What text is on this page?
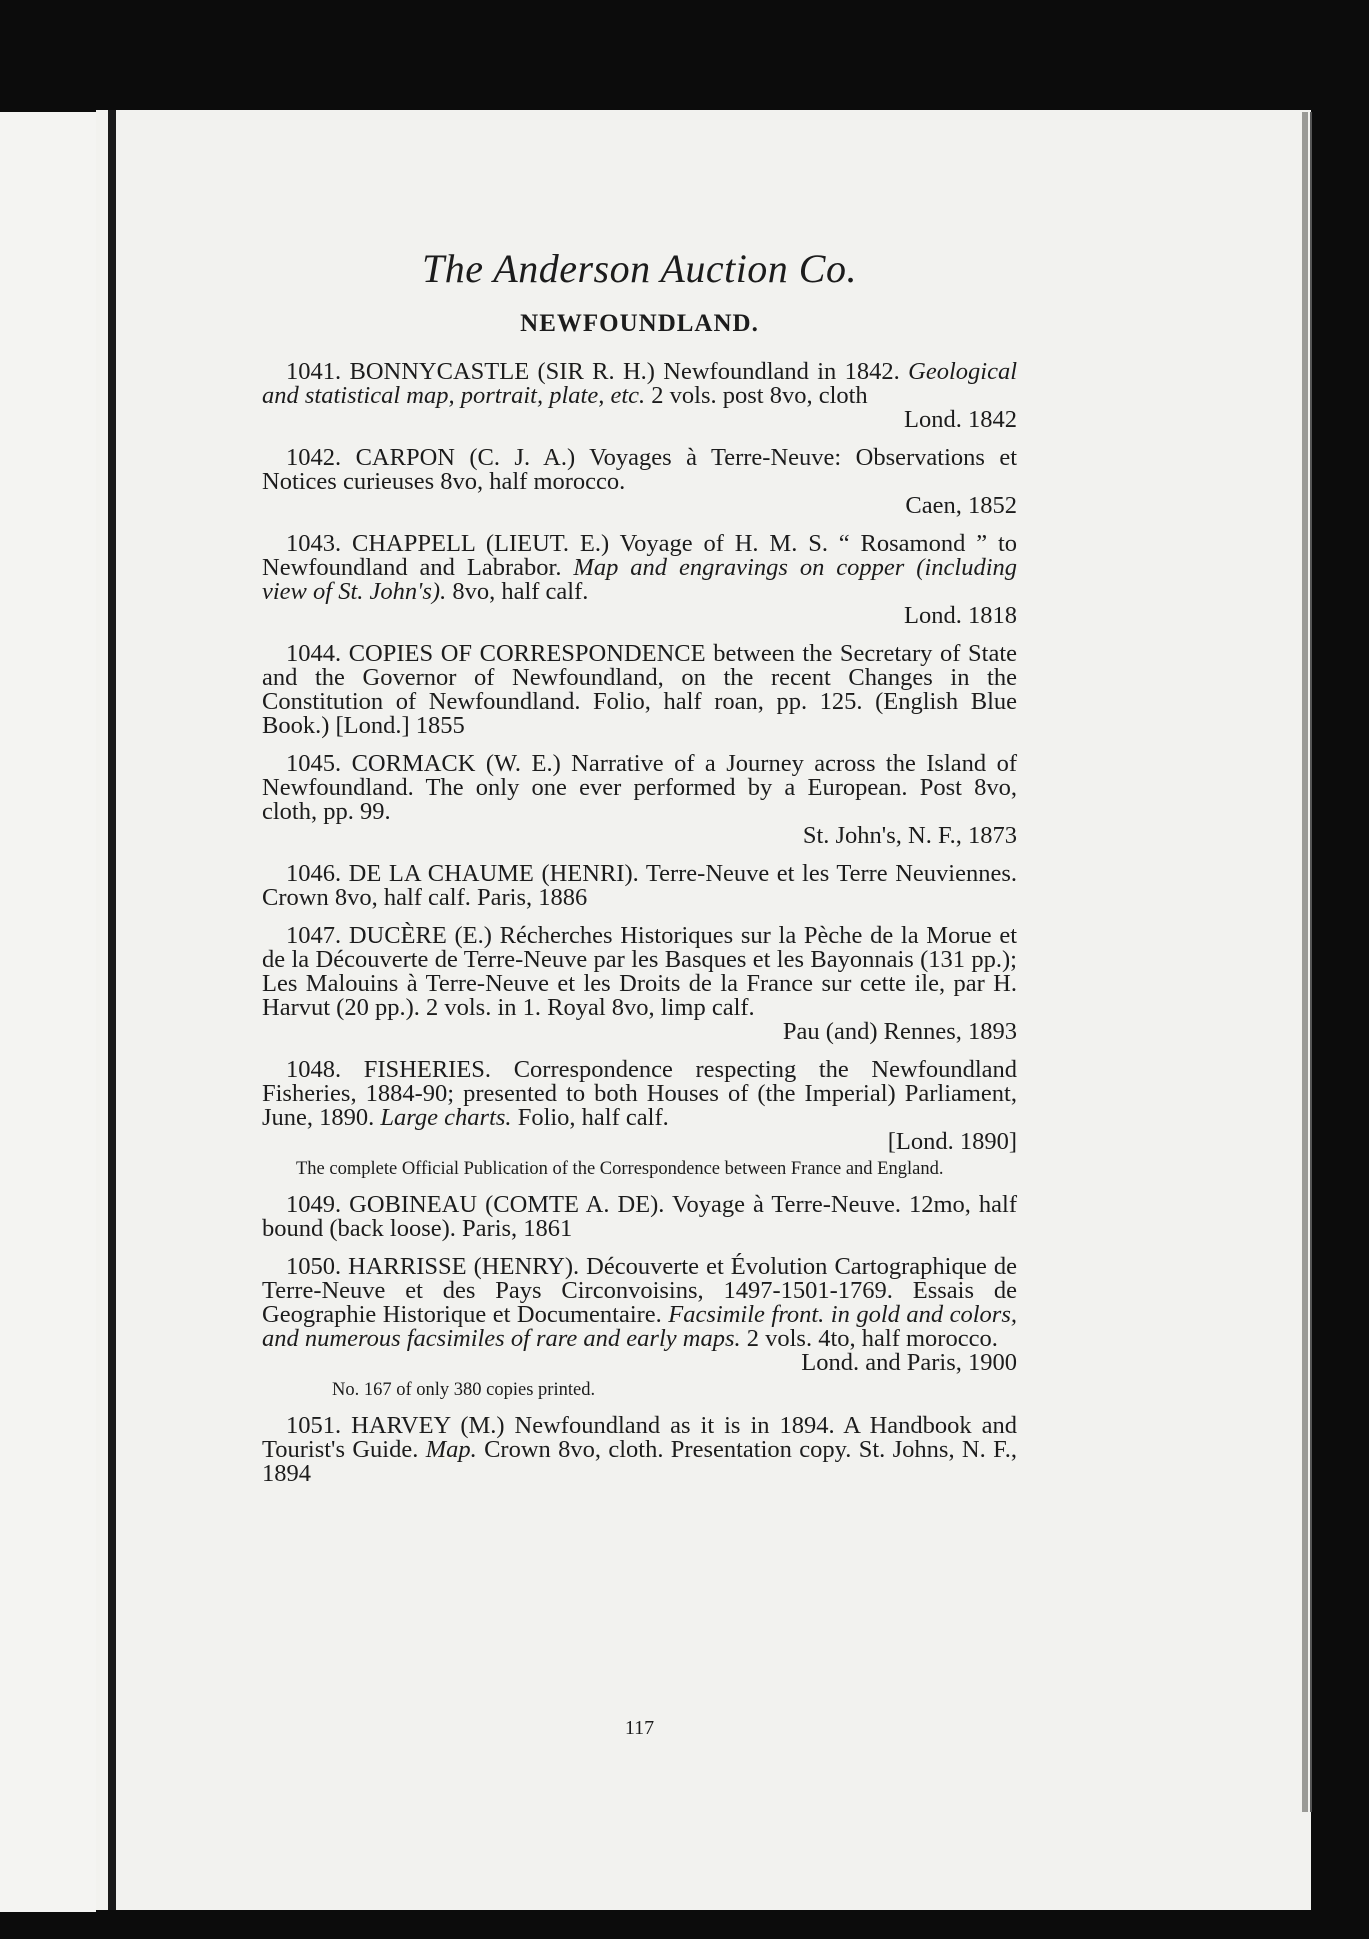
The Anderson Auction Co.
NEWFOUNDLAND.
1041. BONNYCASTLE (SIR R. H.) Newfoundland in 1842. Geological and statistical map, portrait, plate, etc. 2 vols. post 8vo, cloth
Lond. 1842
1042. CARPON (C. J. A.) Voyages à Terre-Neuve: Observations et Notices curieuses 8vo, half morocco.
Caen, 1852
1043. CHAPPELL (LIEUT. E.) Voyage of H. M. S. “ Rosamond ” to Newfoundland and Labrabor. Map and engravings on copper (including view of St. John's). 8vo, half calf.
Lond. 1818
1044. COPIES OF CORRESPONDENCE between the Secretary of State and the Governor of Newfoundland, on the recent Changes in the Constitution of Newfoundland. Folio, half roan, pp. 125. (English Blue Book.) [Lond.] 1855
1045. CORMACK (W. E.) Narrative of a Journey across the Island of Newfoundland. The only one ever performed by a European. Post 8vo, cloth, pp. 99.
St. John's, N. F., 1873
1046. DE LA CHAUME (HENRI). Terre-Neuve et les Terre Neuviennes. Crown 8vo, half calf. Paris, 1886
1047. DUCÈRE (E.) Récherches Historiques sur la Pèche de la Morue et de la Découverte de Terre-Neuve par les Basques et les Bayonnais (131 pp.); Les Malouins à Terre-Neuve et les Droits de la France sur cette ile, par H. Harvut (20 pp.). 2 vols. in 1. Royal 8vo, limp calf.
Pau (and) Rennes, 1893
1048. FISHERIES. Correspondence respecting the Newfoundland Fisheries, 1884-90; presented to both Houses of (the Imperial) Parliament, June, 1890. Large charts. Folio, half calf.
[Lond. 1890]
The complete Official Publication of the Correspondence between France and England.
1049. GOBINEAU (COMTE A. DE). Voyage à Terre-Neuve. 12mo, half bound (back loose). Paris, 1861
1050. HARRISSE (HENRY). Découverte et Évolution Cartographique de Terre-Neuve et des Pays Circonvoisins, 1497-1501-1769. Essais de Geographie Historique et Documentaire. Facsimile front. in gold and colors, and numerous facsimiles of rare and early maps. 2 vols. 4to, half morocco.
Lond. and Paris, 1900
No. 167 of only 380 copies printed.
1051. HARVEY (M.) Newfoundland as it is in 1894. A Handbook and Tourist's Guide. Map. Crown 8vo, cloth. Presentation copy. St. Johns, N. F., 1894
117
